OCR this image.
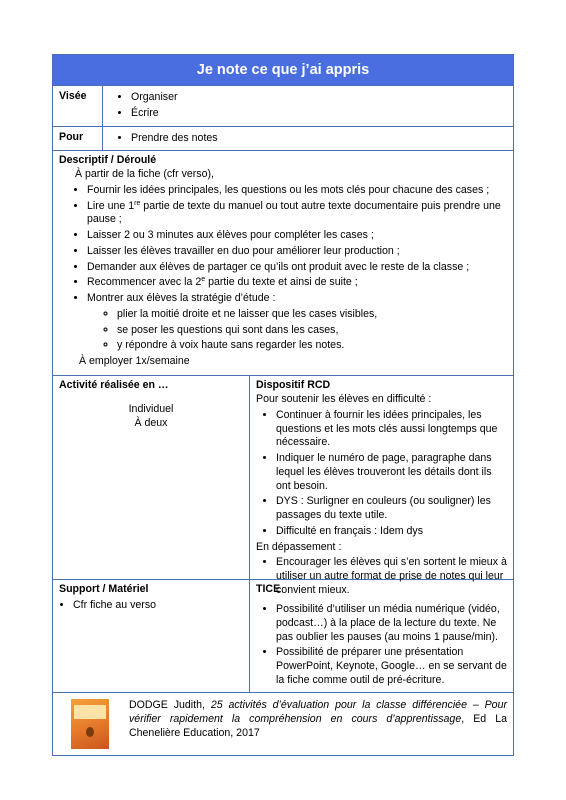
Je note ce que j’ai appris
Visée	• Organiser
• Écrire
Pour	• Prendre des notes
Descriptif / Déroulé
À partir de la fiche (cfr verso),
• Fournir les idées principales, les questions ou les mots clés pour chacune des cases ;
• Lire une 1re partie de texte du manuel ou tout autre texte documentaire puis prendre une pause ;
• Laisser 2 ou 3 minutes aux élèves pour compléter les cases ;
• Laisser les élèves travailler en duo pour améliorer leur production ;
• Demander aux élèves de partager ce qu’ils ont produit avec le reste de la classe ;
• Recommencer avec la 2e partie du texte et ainsi de suite ;
• Montrer aux élèves la stratégie d’étude :
◦ plier la moitié droite et ne laisser que les cases visibles,
◦ se poser les questions qui sont dans les cases,
◦ y répondre à voix haute sans regarder les notes.
À employer 1x/semaine
Activité réalisée en …
Individuel
À deux
Dispositif RCD
Pour soutenir les élèves en difficulté :
• Continuer à fournir les idées principales, les questions et les mots clés aussi longtemps que nécessaire.
• Indiquer le numéro de page, paragraphe dans lequel les élèves trouveront les détails dont ils ont besoin.
• DYS : Surligner en couleurs (ou souligner) les passages du texte utile.
• Difficulté en français : Idem dys
En dépassement :
• Encourager les élèves qui s’en sortent le mieux à utiliser un autre format de prise de notes qui leur convient mieux.
Support / Matériel
• Cfr fiche au verso
TICE
• Possibilité d’utiliser un média numérique (vidéo, podcast…) à la place de la lecture du texte. Ne pas oublier les pauses (au moins 1 pause/min).
• Possibilité de préparer une présentation PowerPoint, Keynote, Google… en se servant de la fiche comme outil de pré-écriture.
DODGE Judith, 25 activités d’évaluation pour la classe différenciée – Pour vérifier rapidement la compréhension en cours d’apprentissage, Ed La Chenelière Education, 2017
